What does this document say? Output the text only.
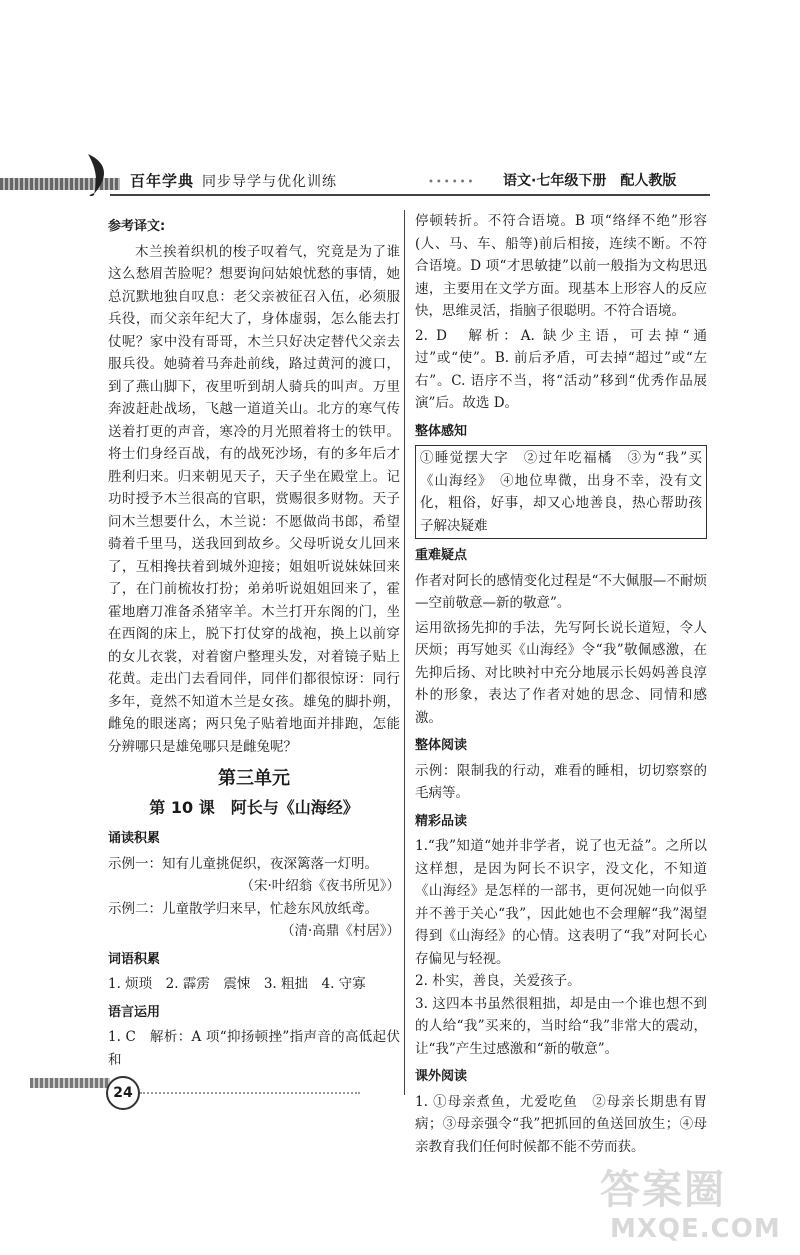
百年学典 同步导学与优化训练	•••••• 语文·七年级下册　配人教版
参考译文:
木兰挨着织机的梭子叹着气，究竟是为了谁这么愁眉苦脸呢？想要询问姑娘忧愁的事情，她总沉默地独自叹息：老父亲被征召入伍，必须服兵役，而父亲年纪大了，身体虚弱，怎么能去打仗呢？家中没有哥哥，木兰只好决定替代父亲去服兵役。她骑着马奔赴前线，路过黄河的渡口，到了燕山脚下，夜里听到胡人骑兵的叫声。万里奔波赶赴战场，飞越一道道关山。北方的寒气传送着打更的声音，寒冷的月光照着将士的铁甲。将士们身经百战，有的战死沙场，有的多年后才胜利归来。归来朝见天子，天子坐在殿堂上。记功时授予木兰很高的官职，赏赐很多财物。天子问木兰想要什么，木兰说：不愿做尚书郎，希望骑着千里马，送我回到故乡。父母听说女儿回来了，互相搀扶着到城外迎接；姐姐听说妹妹回来了，在门前梳妆打扮；弟弟听说姐姐回来了，霍霍地磨刀准备杀猪宰羊。木兰打开东阁的门，坐在西阁的床上，脱下打仗穿的战袍，换上以前穿的女儿衣裳，对着窗户整理头发，对着镜子贴上花黄。走出门去看同伴，同伴们都很惊讶：同行多年，竟然不知道木兰是女孩。雄兔的脚扑朔，雌兔的眼迷离；两只兔子贴着地面并排跑，怎能分辨哪只是雄兔哪只是雌兔呢？
第三单元
第 10 课　阿长与《山海经》
诵读积累
示例一：知有儿童挑促织，夜深篱落一灯明。
（宋·叶绍翁《夜书所见》）
示例二：儿童散学归来早，忙趁东风放纸鸢。
（清·高鼎《村居》）
词语积累
1. 烦琐　2. 霹雳　震悚　3. 粗拙　4. 守寡
语言运用
1. C　解析：A 项“抑扬顿挫”指声音的高低起伏和
停顿转折。不符合语境。B 项“络绎不绝”形容(人、马、车、船等)前后相接，连续不断。不符合语境。D 项“才思敏捷”以前一般指为文构思迅速，主要用在文学方面。现基本上形容人的反应快，思维灵活，指脑子很聪明。不符合语境。
2. D　解析：A. 缺少主语，可去掉“通过”或“使”。B. 前后矛盾，可去掉“超过”或“左右”。C. 语序不当，将“活动”移到“优秀作品展演”后。故选 D。
整体感知
①睡觉摆大字　②过年吃福橘　③为“我”买《山海经》　④地位卑微，出身不幸，没有文化，粗俗，好事，却又心地善良，热心帮助孩子解决疑难
重难疑点
作者对阿长的感情变化过程是“不大佩服—不耐烦—空前敬意—新的敬意”。
运用欲扬先抑的手法，先写阿长说长道短，令人厌烦；再写她买《山海经》令“我”敬佩感激，在先抑后扬、对比映衬中充分地展示长妈妈善良淳朴的形象，表达了作者对她的思念、同情和感激。
整体阅读
示例：限制我的行动，难看的睡相，切切察察的毛病等。
精彩品读
1.“我”知道“她并非学者，说了也无益”。之所以这样想，是因为阿长不识字，没文化，不知道《山海经》是怎样的一部书，更何况她一向似乎并不善于关心“我”，因此她也不会理解“我”渴望得到《山海经》的心情。这表明了“我”对阿长心存偏见与轻视。
2. 朴实，善良，关爱孩子。
3. 这四本书虽然很粗拙，却是由一个谁也想不到的人给“我”买来的，当时给“我”非常大的震动，让“我”产生过感激和“新的敬意”。
课外阅读
1. ①母亲煮鱼，尤爱吃鱼　②母亲长期患有胃病；③母亲强令“我”把抓回的鱼送回放生；④母亲教育我们任何时候都不能不劳而获。
24
答案圈
MXQE.COM
